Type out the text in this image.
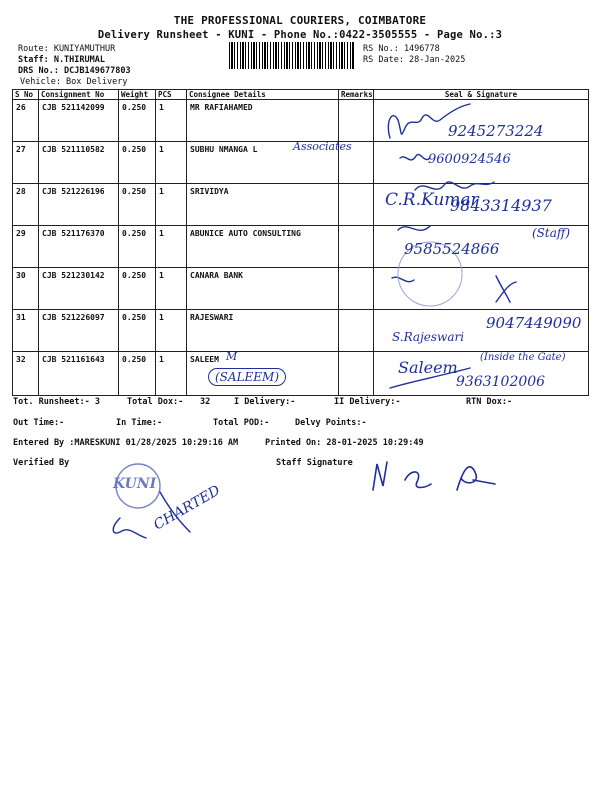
THE PROFESSIONAL COURIERS, COIMBATORE
Delivery Runsheet - KUNI - Phone No.:0422-3505555 - Page No.:3
Route: KUNIYAMUTHUR
Staff: N.THIRUMAL
DRS No.: DCJB149677803
Vehicle: Box Delivery
RS No.: 1496778
RS Date: 28-Jan-2025
S No	Consignment No	Weight	PCS	Consignee Details	Remarks	Seal & Signature
26	CJB 521142099	0.250	1	MR RAFIAHAMED		
27	CJB 521110582	0.250	1	SUBHU NMANGA L		
28	CJB 521226196	0.250	1	SRIVIDYA		
29	CJB 521176370	0.250	1	ABUNICE AUTO CONSULTING		
30	CJB 521230142	0.250	1	CANARA BANK		
31	CJB 521226097	0.250	1	RAJESWARI		
32	CJB 521161643	0.250	1	SALEEM		
9245273224
Associates
9600924546
C.R.Kumar
9843314937
9585524866
(Staff)
9047449090
S.Rajeswari
M
(SALEEM)	Saleem
(Inside the Gate)
9363102006
Tot. Runsheet:- 3	Total Dox:- 32	I Delivery:-	II Delivery:-	RTN Dox:-
Out Time:-	In Time:-	Total POD:-	Delvy Points:-
Entered By :MARESKUNI 01/28/2025 10:29:16 AM	Printed On: 28-01-2025 10:29:49
Verified By	Staff Signature
KUNI
CHARTED
